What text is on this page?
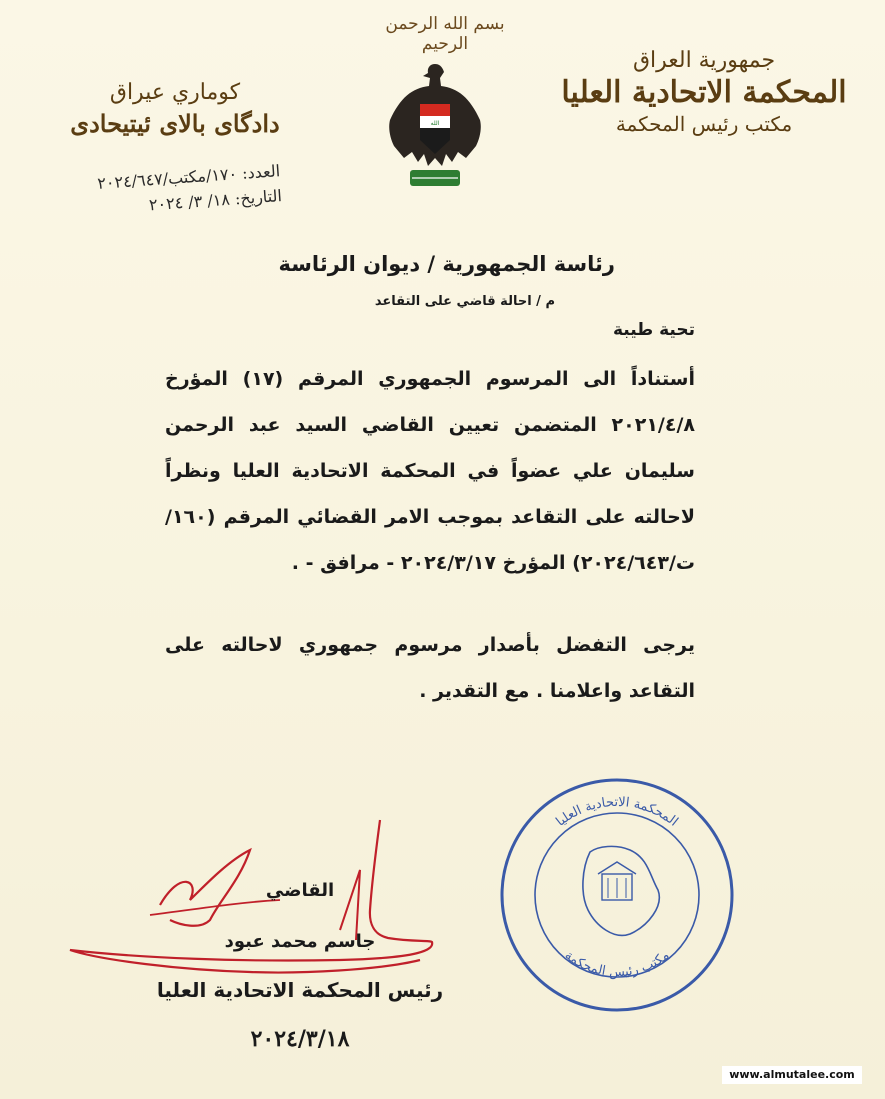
بسم الله الرحمن الرحيم
جمهورية العراق
المحكمة الاتحادية العليا
مكتب رئيس المحكمة
كوماري عيراق
دادگای بالای ئیتیحادی
العدد: ١٧٠/مكتب/٢٠٢٤/٦٤٧
التاريخ: ١٨/ ٣/ ٢٠٢٤
الله
رئاسة الجمهورية / ديوان الرئاسة
م / احالة قاضي على التقاعد
تحية طيبة
أستناداً الى المرسوم الجمهوري المرقم (١٧) المؤرخ ٢٠٢١/٤/٨ المتضمن تعيين القاضي السيد عبد الرحمن سليمان علي عضواً في المحكمة الاتحادية العليا ونظراً لاحالته على التقاعد بموجب الامر القضائي المرقم (١٦٠/ت/٢٠٢٤/٦٤٣) المؤرخ ٢٠٢٤/٣/١٧ - مرافق - .
يرجى التفضل بأصدار مرسوم جمهوري لاحالته على التقاعد واعلامنا . مع التقدير .
القاضي
جاسم محمد عبود
رئيس المحكمة الاتحادية العليا
٢٠٢٤/٣/١٨
المحكمة الاتحادية العليا
مكتب رئيس المحكمة
www.almutalee.com
